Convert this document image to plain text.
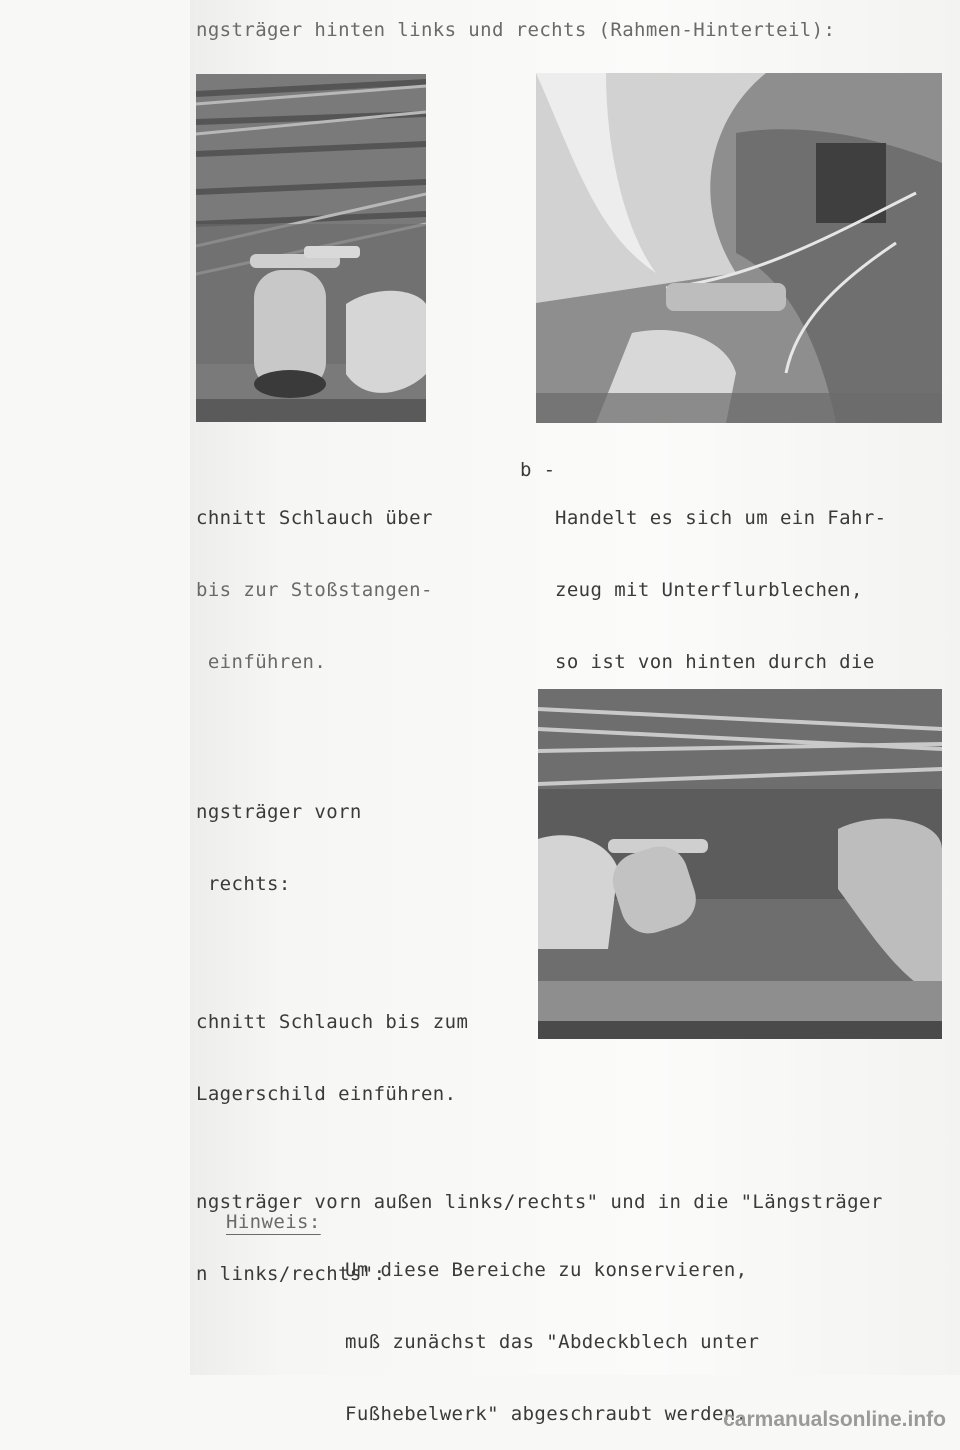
ngsträger hinten links und rechts (Rahmen-Hinterteil):

chnitt Schlauch über

bis zur Stoßstangen-

einführen.

b -

Handelt es sich um ein Fahr-

zeug mit Unterflurblechen,

so ist von hinten durch die

ngsträger vorn

rechts:

chnitt Schlauch bis zum

Lagerschild einführen.

ngsträger vorn außen links/rechts" und in die "Längsträger

n links/rechts":

Hinweis:

Um diese Bereiche zu konservieren,

muß zunächst das "Abdeckblech unter

Fußhebelwerk" abgeschraubt werden.

carmanualsonline.info
